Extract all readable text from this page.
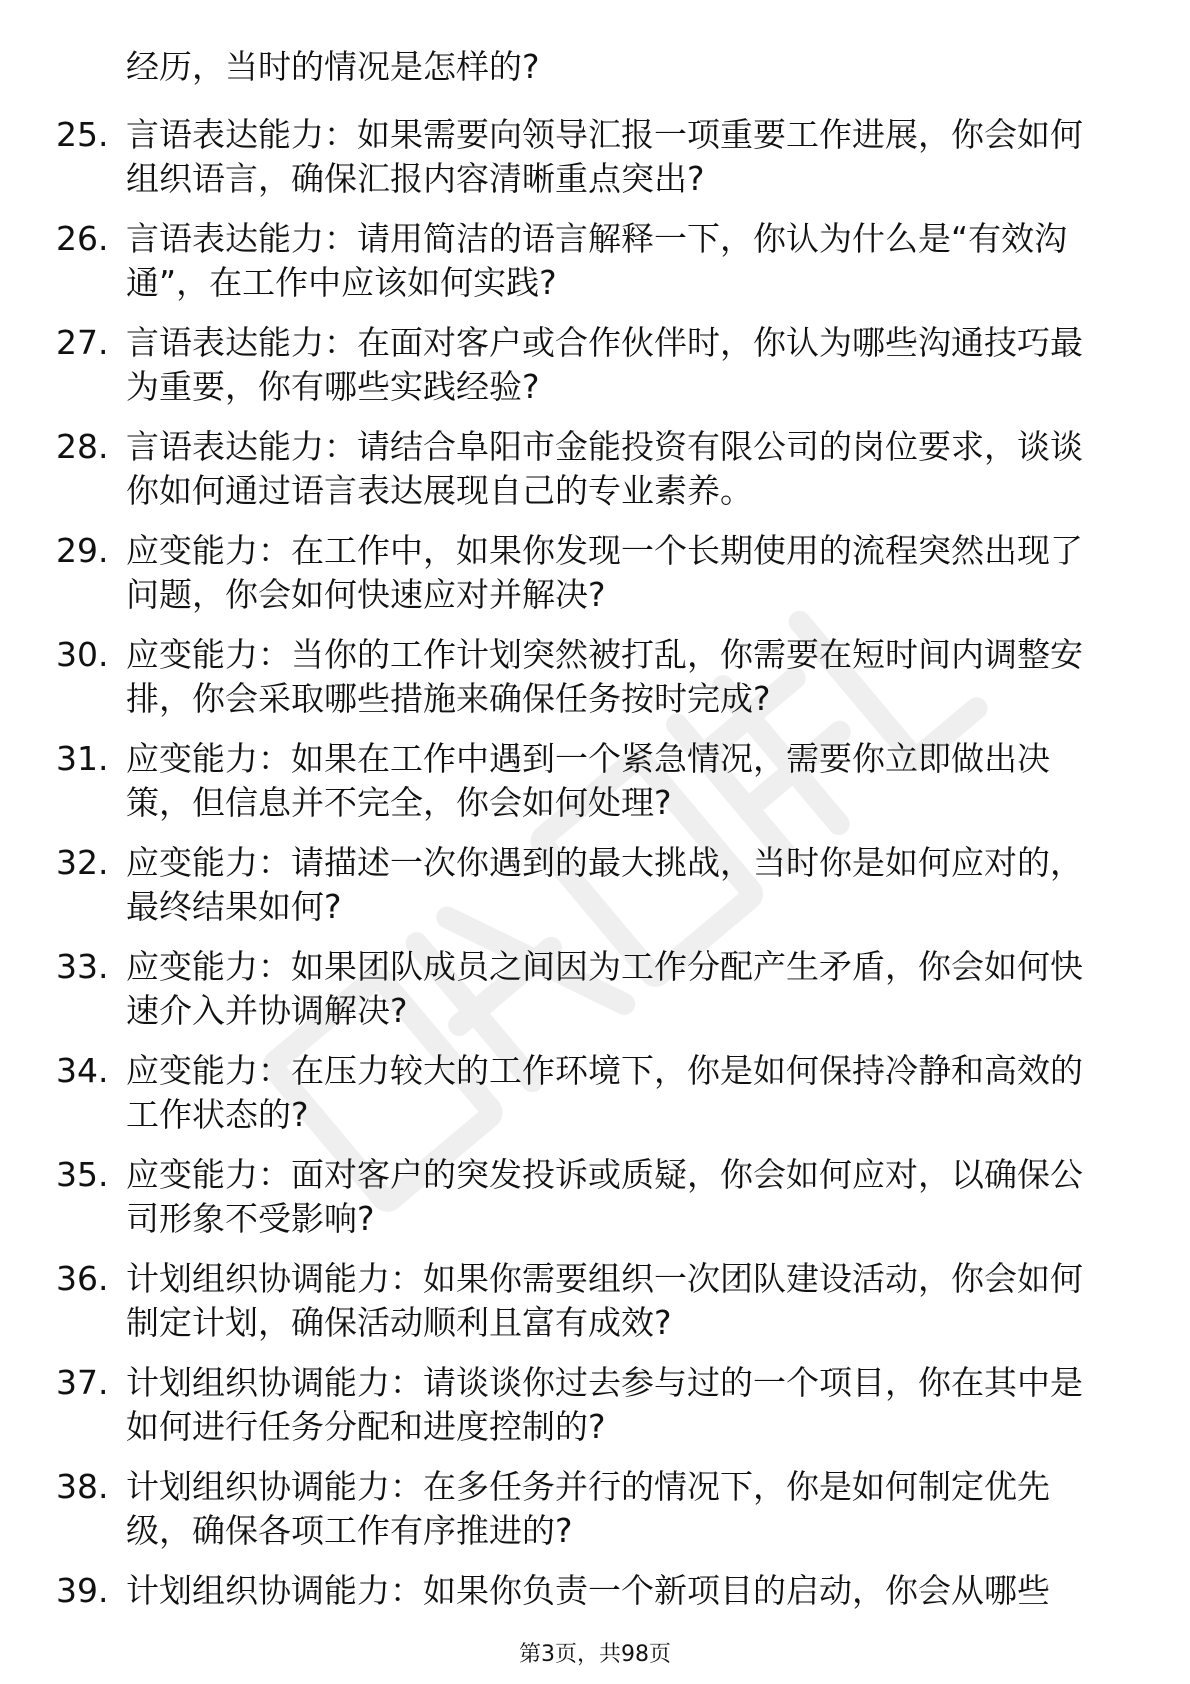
经历，当时的情况是怎样的?
25. 言语表达能力：如果需要向领导汇报一项重要工作进展，你会如何组织语言，确保汇报内容清晰重点突出?
26. 言语表达能力：请用简洁的语言解释一下，你认为什么是“有效沟通”，在工作中应该如何实践?
27. 言语表达能力：在面对客户或合作伙伴时，你认为哪些沟通技巧最为重要，你有哪些实践经验?
28. 言语表达能力：请结合阜阳市金能投资有限公司的岗位要求，谈谈你如何通过语言表达展现自己的专业素养。
29. 应变能力：在工作中，如果你发现一个长期使用的流程突然出现了问题，你会如何快速应对并解决?
30. 应变能力：当你的工作计划突然被打乱，你需要在短时间内调整安排，你会采取哪些措施来确保任务按时完成?
31. 应变能力：如果在工作中遇到一个紧急情况，需要你立即做出决策，但信息并不完全，你会如何处理?
32. 应变能力：请描述一次你遇到的最大挑战，当时你是如何应对的，最终结果如何?
33. 应变能力：如果团队成员之间因为工作分配产生矛盾，你会如何快速介入并协调解决?
34. 应变能力：在压力较大的工作环境下，你是如何保持冷静和高效的工作状态的?
35. 应变能力：面对客户的突发投诉或质疑，你会如何应对，以确保公司形象不受影响?
36. 计划组织协调能力：如果你需要组织一次团队建设活动，你会如何制定计划，确保活动顺利且富有成效?
37. 计划组织协调能力：请谈谈你过去参与过的一个项目，你在其中是如何进行任务分配和进度控制的?
38. 计划组织协调能力：在多任务并行的情况下，你是如何制定优先级，确保各项工作有序推进的?
39. 计划组织协调能力：如果你负责一个新项目的启动，你会从哪些
第3页，共98页
